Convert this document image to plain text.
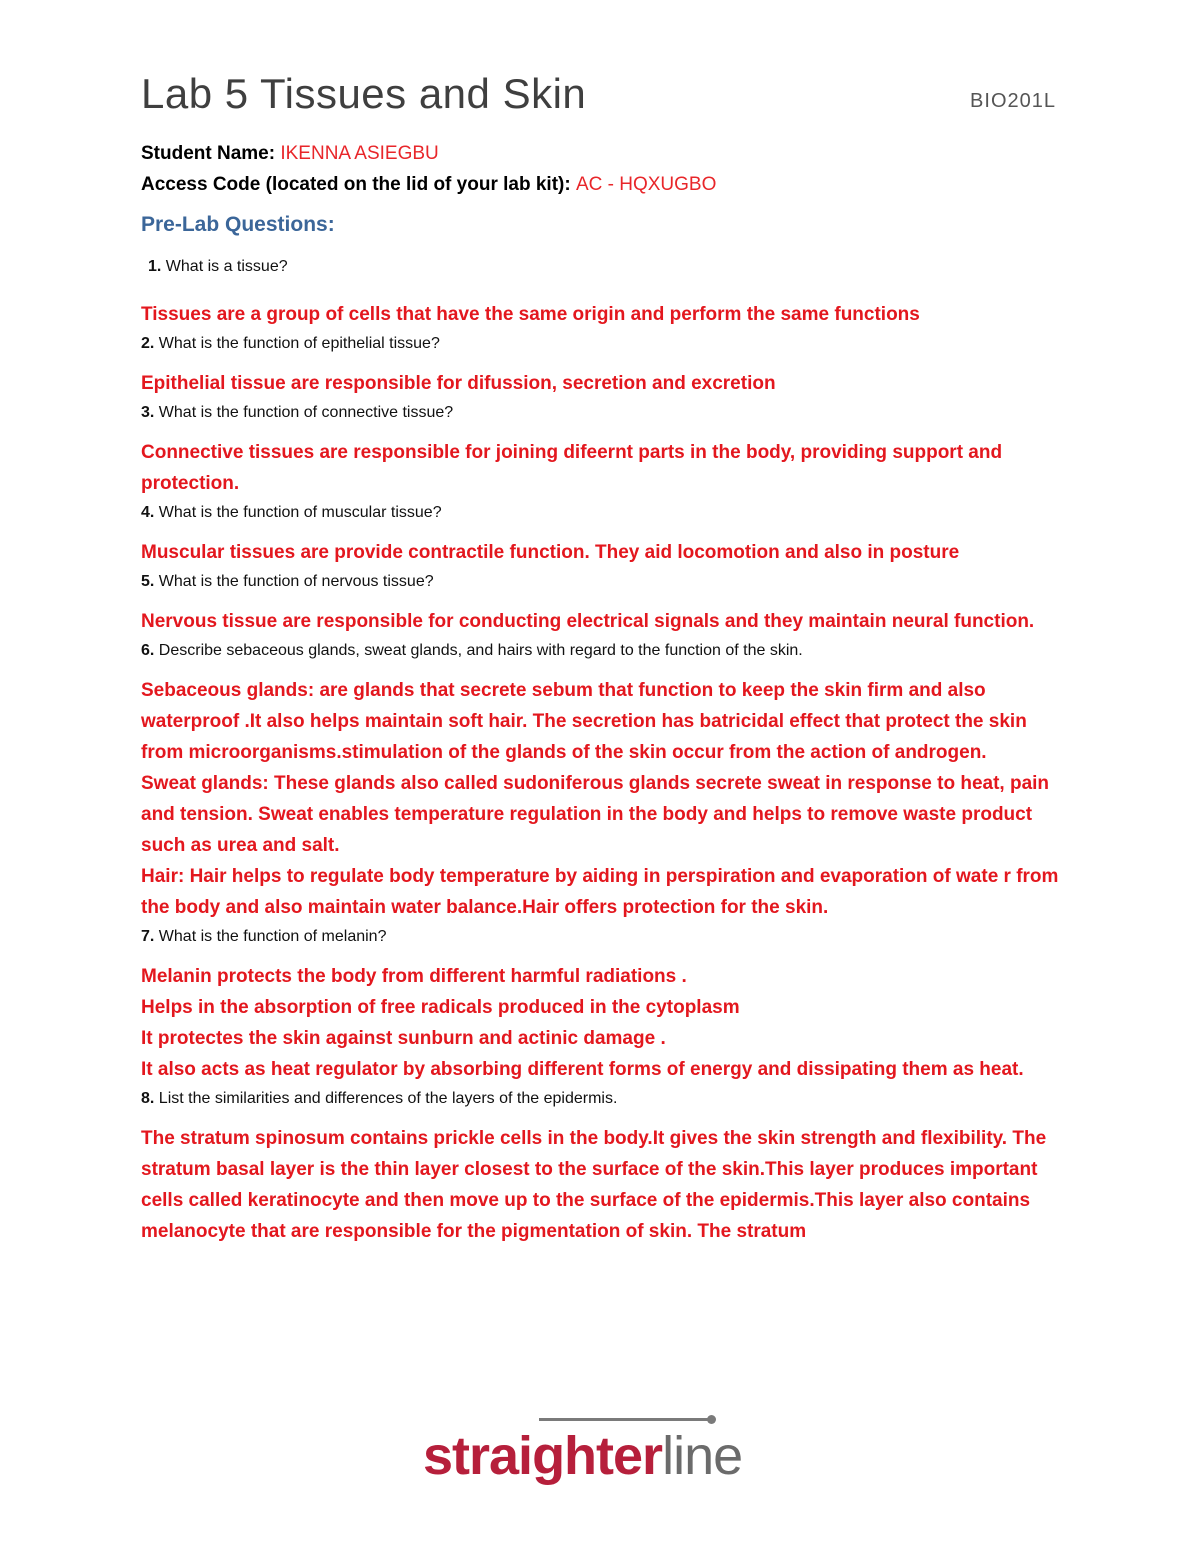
Lab 5 Tissues and Skin	BIO201L
Student Name: IKENNA ASIEGBU
Access Code (located on the lid of your lab kit): AC - HQXUGBO
Pre-Lab Questions:
1. What is a tissue?

Tissues are a group of cells that have the same origin and perform the same functions

2. What is the function of epithelial tissue?

Epithelial tissue are responsible for difussion, secretion and excretion

3. What is the function of connective tissue?

Connective tissues are responsible for joining difeernt parts in the body, providing support and protection.

4. What is the function of muscular tissue?

Muscular tissues are provide contractile function. They aid locomotion and also in posture

5. What is the function of nervous tissue?

Nervous tissue are responsible for conducting electrical signals and they maintain neural function.

6. Describe sebaceous glands, sweat glands, and hairs with regard to the function of the skin.

Sebaceous glands: are glands that secrete sebum that function to keep the skin firm and also waterproof .It also helps maintain soft hair. The secretion has batricidal effect that protect the skin from microorganisms.stimulation of the glands of the skin occur from the action of androgen.

Sweat glands: These glands also called sudoniferous glands secrete sweat in response to heat, pain and tension. Sweat enables temperature regulation in the body and helps to remove waste product such as urea and salt.

Hair: Hair helps to regulate body temperature by aiding in perspiration and evaporation of wate r from the body and also maintain water balance.Hair offers protection for the skin.

7. What is the function of melanin?

Melanin protects the body from different harmful radiations .

Helps in the absorption of free radicals produced in the cytoplasm

It protectes the skin against sunburn and actinic damage .

It also acts as heat regulator by absorbing different forms of energy and dissipating them as heat.

8. List the similarities and differences of the layers of the epidermis.

The stratum spinosum contains prickle cells in the body.It gives the skin strength and flexibility. The stratum basal layer is the thin layer closest to the surface of the skin.This layer produces important cells called keratinocyte and then move up to the surface of the epidermis.This layer also contains melanocyte that are responsible for the pigmentation of skin. The stratum

straighterline
